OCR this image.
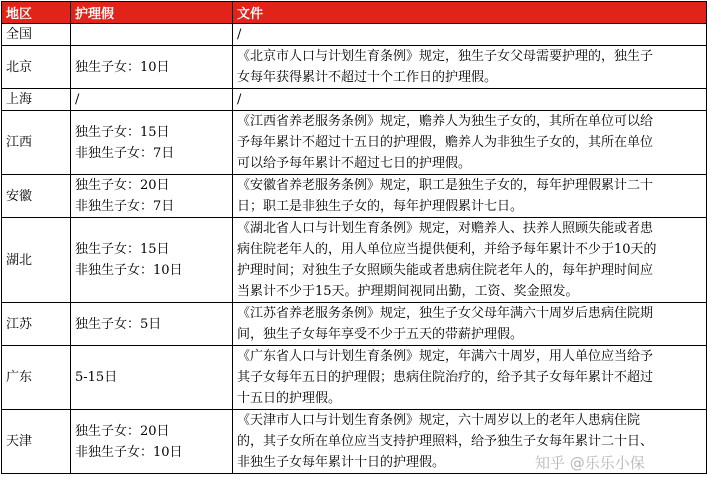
地区	护理假	文件
全国		/

北京	独生子女：10日	《北京市人口与计划生育条例》规定，独生子女父母需要护理的，独生子
女每年获得累计不超过十个工作日的护理假。

上海	/	/

江西	独生子女：15日
非独生子女：7日	《江西省养老服务条例》规定，赡养人为独生子女的，其所在单位可以给
予每年累计不超过十五日的护理假，赡养人为非独生子女的，其所在单位
可以给予每年累计不超过七日的护理假。

安徽	独生子女：20日
非独生子女：7日	《安徽省养老服务条例》规定，职工是独生子女的，每年护理假累计二十
日；职工是非独生子女的，每年护理假累计七日。

湖北	独生子女：15日
非独生子女：10日	《湖北省人口与计划生育条例》规定，对赡养人、扶养人照顾失能或者患
病住院老年人的，用人单位应当提供便利，并给予每年累计不少于10天的
护理时间；对独生子女照顾失能或者患病住院老年人的，每年护理时间应
当累计不少于15天。护理期间视同出勤，工资、奖金照发。

江苏	独生子女：5日	《江苏省养老服务条例》规定，独生子女父母年满六十周岁后患病住院期
间，独生子女每年享受不少于五天的带薪护理假。

广东	5-15日	《广东省人口与计划生育条例》规定，年满六十周岁，用人单位应当给予
其子女每年五日的护理假；患病住院治疗的，给予其子女每年累计不超过
十五日的护理假。

天津	独生子女：20日
非独生子女：10日	《天津市人口与计划生育条例》规定，六十周岁以上的老年人患病住院
的，其子女所在单位应当支持护理照料，给予独生子女每年累计二十日、
非独生子女每年累计十日的护理假。	知乎 @乐乐小保
